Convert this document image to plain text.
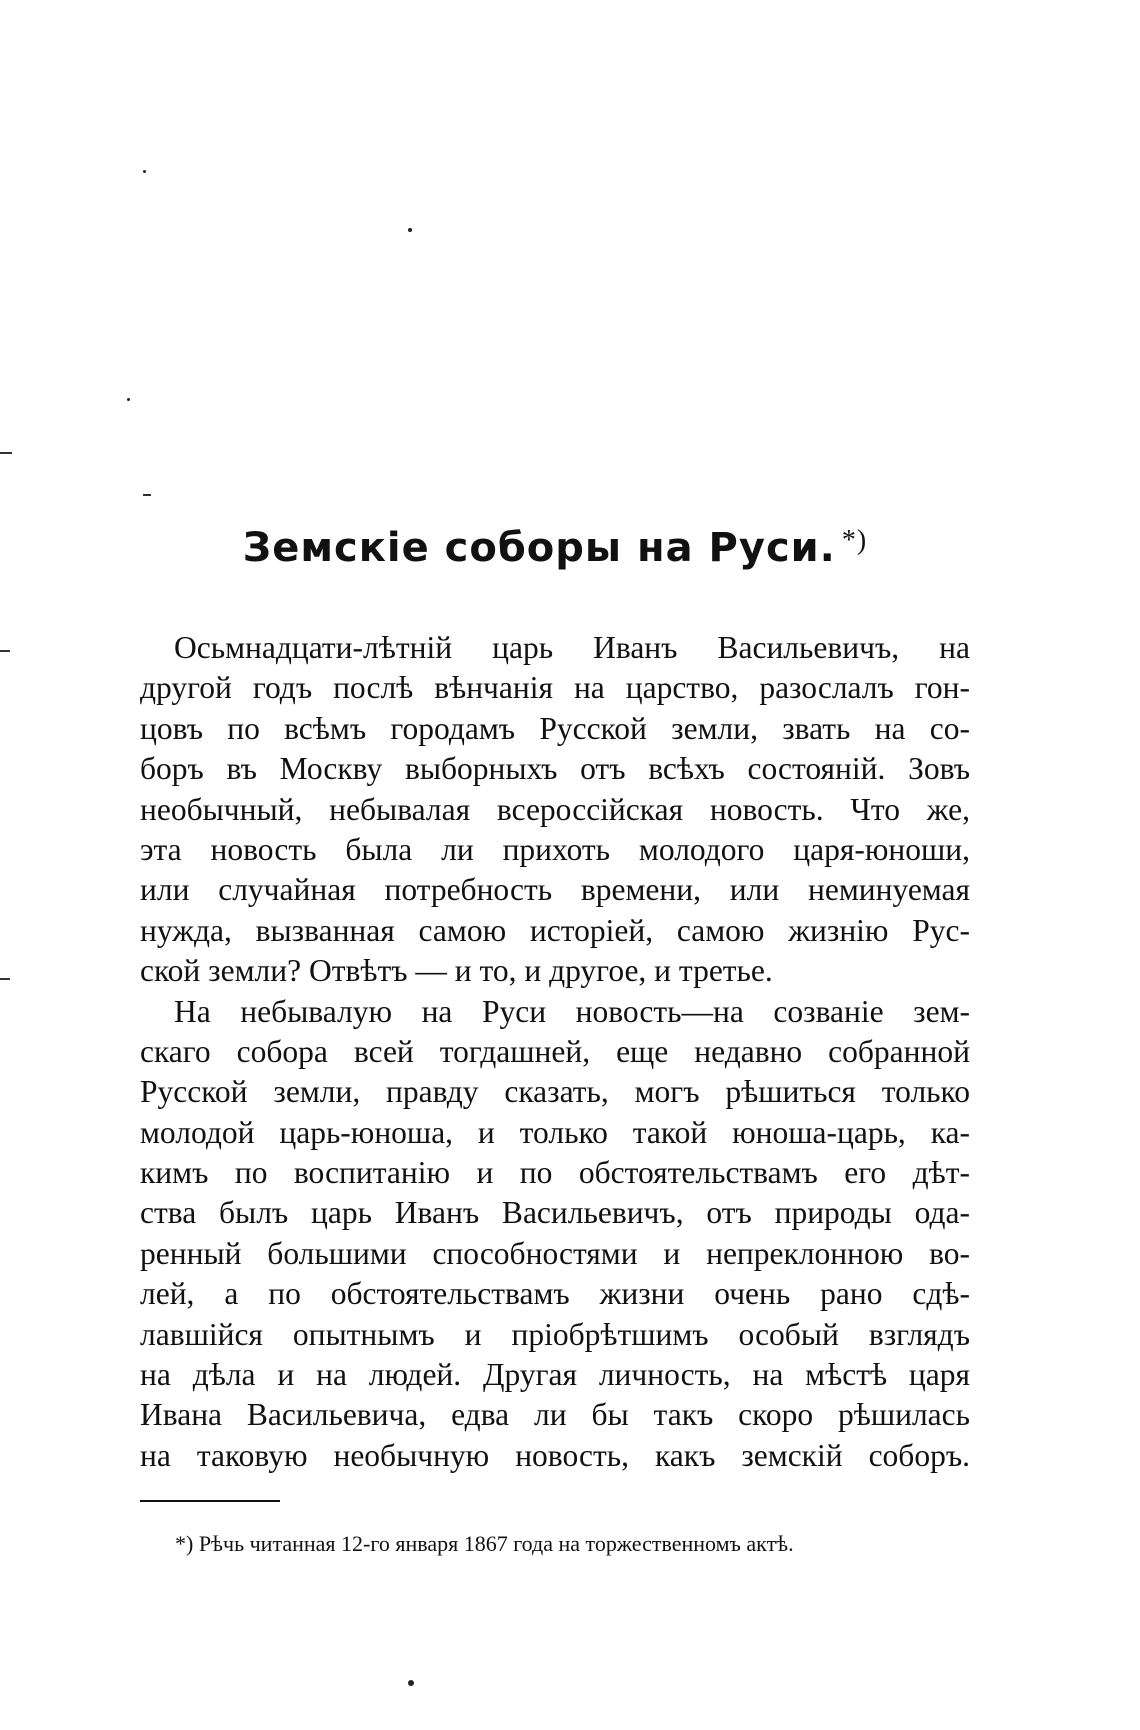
Земскіе соборы на Руси. *)
Осьмнадцати-лѣтній царь Иванъ Васильевичъ, на
другой годъ послѣ вѣнчанія на царство, разослалъ гон-
цовъ по всѣмъ городамъ Русской земли, звать на со-
боръ въ Москву выборныхъ отъ всѣхъ состояній. Зовъ
необычный, небывалая всероссійская новость. Что же,
эта новость была ли прихоть молодого царя-юноши,
или случайная потребность времени, или неминуемая
нужда, вызванная самою исторіей, самою жизнію Рус-
ской земли? Отвѣтъ — и то, и другое, и третье.
На небывалую на Руси новость—на созваніе зем-
скаго собора всей тогдашней, еще недавно собранной
Русской земли, правду сказать, могъ рѣшиться только
молодой царь-юноша, и только такой юноша-царь, ка-
кимъ по воспитанію и по обстоятельствамъ его дѣт-
ства былъ царь Иванъ Васильевичъ, отъ природы ода-
ренный большими способностями и непреклонною во-
лей, а по обстоятельствамъ жизни очень рано сдѣ-
лавшійся опытнымъ и пріобрѣтшимъ особый взглядъ
на дѣла и на людей. Другая личность, на мѣстѣ царя
Ивана Васильевича, едва ли бы такъ скоро рѣшилась
на таковую необычную новость, какъ земскій соборъ.
*) Рѣчь читанная 12-го января 1867 года на торжественномъ актѣ.
